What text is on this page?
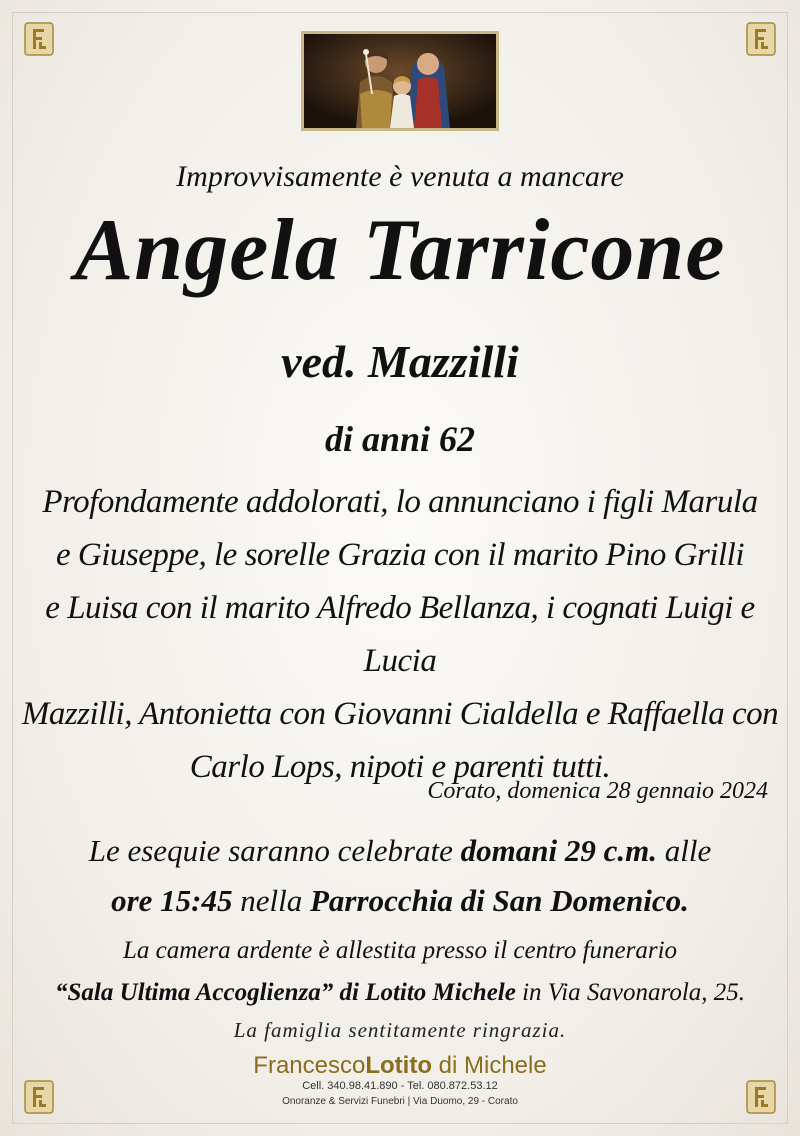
Improvvisamente è venuta a mancare
Angela Tarricone
ved. Mazzilli
di anni 62
Profondamente addolorati, lo annunciano i figli Marula
e Giuseppe, le sorelle Grazia con il marito Pino Grilli
e Luisa con il marito Alfredo Bellanza, i cognati Luigi e Lucia
Mazzilli, Antonietta con Giovanni Cialdella e Raffaella con
Carlo Lops, nipoti e parenti tutti.
Corato, domenica 28 gennaio 2024
Le esequie saranno celebrate domani 29 c.m. alle
ore 15:45 nella Parrocchia di San Domenico.
La camera ardente è allestita presso il centro funerario
“Sala Ultima Accoglienza” di Lotito Michele in Via Savonarola, 25.
La famiglia sentitamente ringrazia.
FrancescoLotito di Michele
Cell. 340.98.41.890 - Tel. 080.872.53.12
Onoranze & Servizi Funebri | Via Duomo, 29 - Corato
